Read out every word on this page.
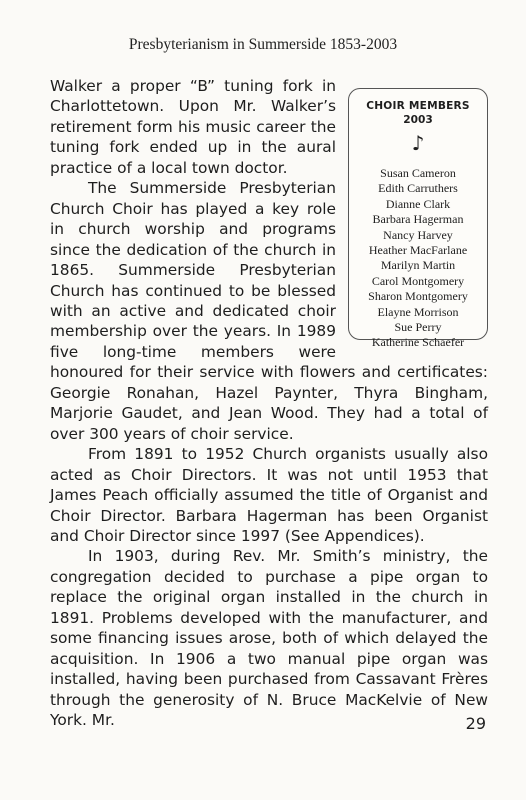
Presbyterianism in Summerside 1853-2003
CHOIR MEMBERS
2003
♪
Susan Cameron
Edith Carruthers
Dianne Clark
Barbara Hagerman
Nancy Harvey
Heather MacFarlane
Marilyn Martin
Carol Montgomery
Sharon Montgomery
Elayne Morrison
Sue Perry
Katherine Schaefer

Walker a proper “B” tuning fork in Charlottetown. Upon Mr. Walker’s retirement form his music career the tuning fork ended up in the aural practice of a local town doctor.

The Summerside Presbyterian Church Choir has played a key role in church worship and programs since the dedication of the church in 1865. Summerside Presbyterian Church has continued to be blessed with an active and dedicated choir membership over the years. In 1989 five long-time members were honoured for their service with flowers and certificates: Georgie Ronahan, Hazel Paynter, Thyra Bingham, Marjorie Gaudet, and Jean Wood. They had a total of over 300 years of choir service.

From 1891 to 1952 Church organists usually also acted as Choir Directors. It was not until 1953 that James Peach officially assumed the title of Organist and Choir Director. Barbara Hagerman has been Organist and Choir Director since 1997 (See Appendices).

In 1903, during Rev. Mr. Smith’s ministry, the congregation decided to purchase a pipe organ to replace the original organ installed in the church in 1891. Problems developed with the manufacturer, and some financing issues arose, both of which delayed the acquisition. In 1906 a two manual pipe organ was installed, having been purchased from Cassavant Frères through the generosity of N. Bruce MacKelvie of New York. Mr.	29
